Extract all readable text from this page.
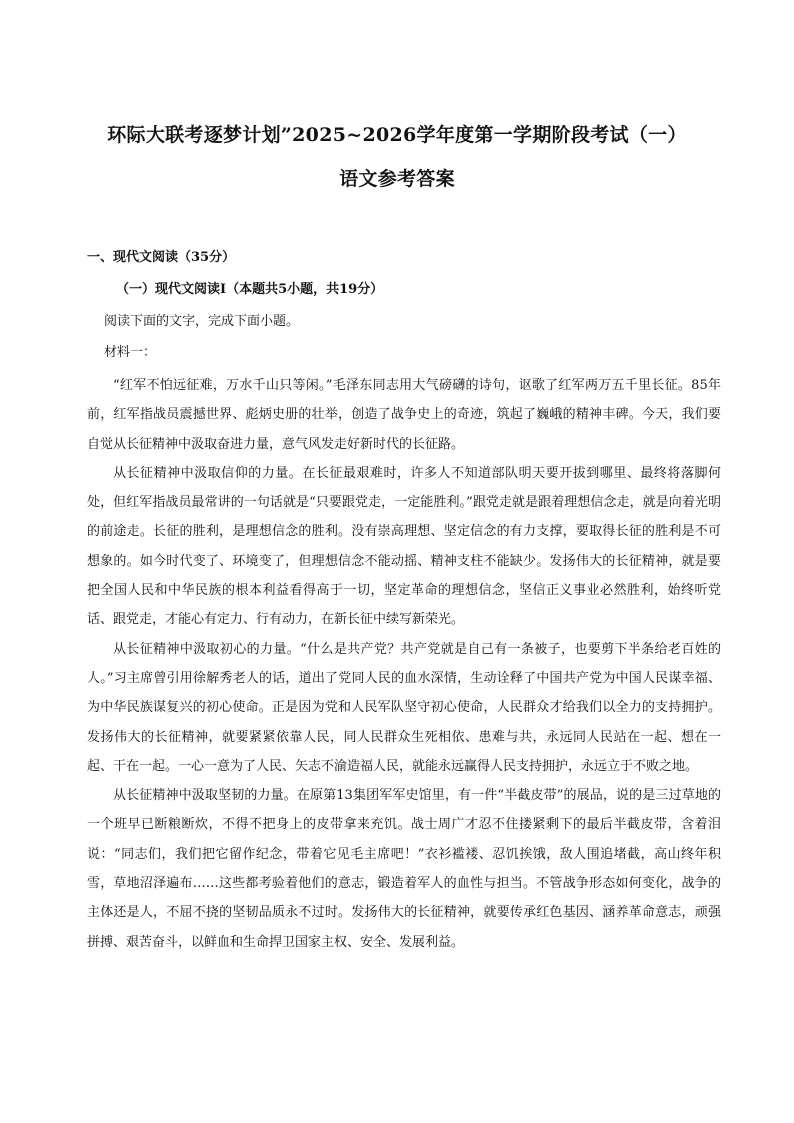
环际大联考逐梦计划”2025~2026学年度第一学期阶段考试（一）
语文参考答案
一、现代文阅读（35分）
（一）现代文阅读Ⅰ（本题共5小题，共19分）
阅读下面的文字，完成下面小题。
材料一：

“红军不怕远征难，万水千山只等闲。”毛泽东同志用大气磅礴的诗句，讴歌了红军两万五千里长征。85年前，红军指战员震撼世界、彪炳史册的壮举，创造了战争史上的奇迹，筑起了巍峨的精神丰碑。今天，我们要自觉从长征精神中汲取奋进力量，意气风发走好新时代的长征路。

从长征精神中汲取信仰的力量。在长征最艰难时，许多人不知道部队明天要开拔到哪里、最终将落脚何处，但红军指战员最常讲的一句话就是“只要跟党走，一定能胜利。”跟党走就是跟着理想信念走，就是向着光明的前途走。长征的胜利，是理想信念的胜利。没有崇高理想、坚定信念的有力支撑，要取得长征的胜利是不可想象的。如今时代变了、环境变了，但理想信念不能动摇、精神支柱不能缺少。发扬伟大的长征精神，就是要把全国人民和中华民族的根本利益看得高于一切，坚定革命的理想信念，坚信正义事业必然胜利，始终听党话、跟党走，才能心有定力、行有动力，在新长征中续写新荣光。

从长征精神中汲取初心的力量。“什么是共产党？共产党就是自己有一条被子，也要剪下半条给老百姓的人。”习主席曾引用徐解秀老人的话，道出了党同人民的血水深情，生动诠释了中国共产党为中国人民谋幸福、为中华民族谋复兴的初心使命。正是因为党和人民军队坚守初心使命，人民群众才给我们以全力的支持拥护。发扬伟大的长征精神，就要紧紧依靠人民，同人民群众生死相依、患难与共，永远同人民站在一起、想在一起、干在一起。一心一意为了人民、矢志不渝造福人民，就能永远赢得人民支持拥护，永远立于不败之地。

从长征精神中汲取坚韧的力量。在原第13集团军军史馆里，有一件“半截皮带”的展品，说的是三过草地的一个班早已断粮断炊，不得不把身上的皮带拿来充饥。战士周广才忍不住搂紧剩下的最后半截皮带，含着泪说：“同志们，我们把它留作纪念，带着它见毛主席吧！”衣衫褴褛、忍饥挨饿，敌人围追堵截，高山终年积雪，草地沼泽遍布……这些都考验着他们的意志，锻造着军人的血性与担当。不管战争形态如何变化，战争的主体还是人，不屈不挠的坚韧品质永不过时。发扬伟大的长征精神，就要传承红色基因、涵养革命意志，顽强拼搏、艰苦奋斗，以鲜血和生命捍卫国家主权、安全、发展利益。
